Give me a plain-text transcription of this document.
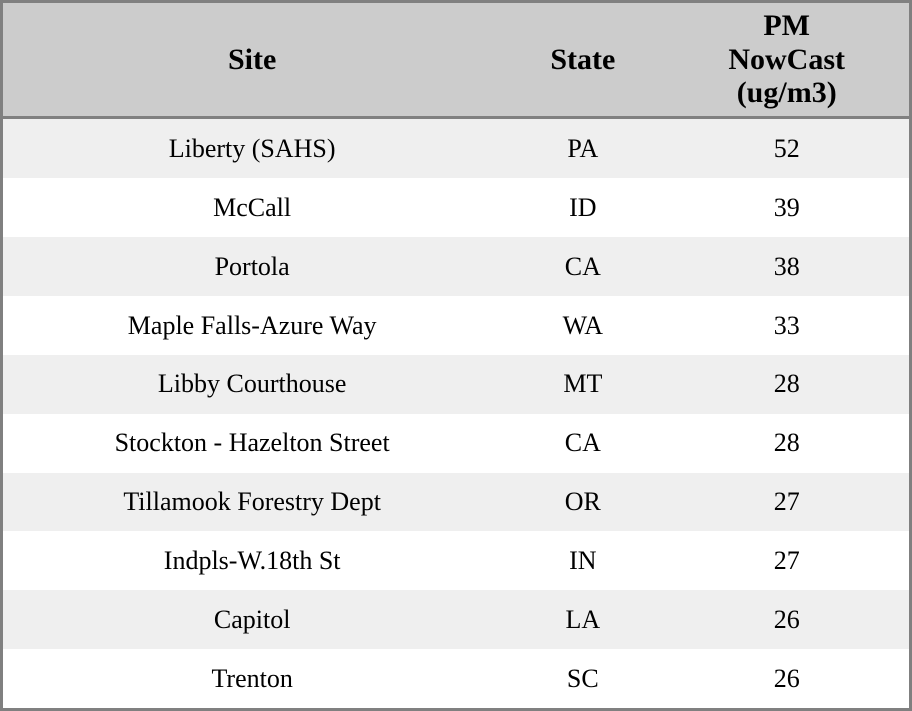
Site	State	PM
NowCast
(ug/m3)
Liberty (SAHS)	PA	52
McCall	ID	39
Portola	CA	38
Maple Falls-Azure Way	WA	33
Libby Courthouse	MT	28
Stockton - Hazelton Street	CA	28
Tillamook Forestry Dept	OR	27
Indpls-W.18th St	IN	27
Capitol	LA	26
Trenton	SC	26
